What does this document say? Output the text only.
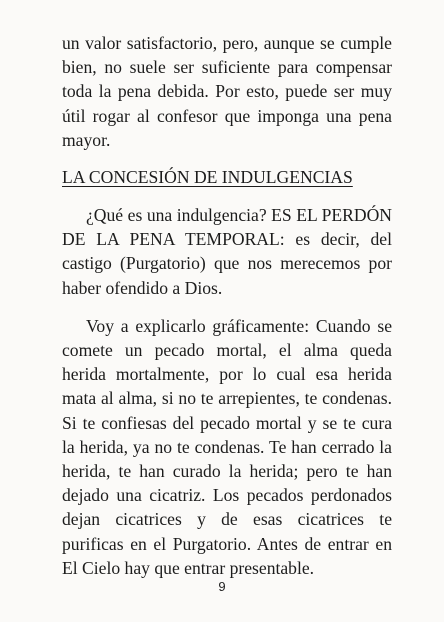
un valor satisfactorio, pero, aunque se cumple bien, no suele ser suficiente para compensar toda la pena debida. Por esto, puede ser muy útil rogar al confesor que imponga una pena mayor.

LA CONCESIÓN DE INDULGENCIAS

¿Qué es una indulgencia? ES EL PERDÓN DE LA PENA TEMPORAL: es decir, del castigo (Purgatorio) que nos merecemos por haber ofendido a Dios.

Voy a explicarlo gráficamente: Cuando se comete un pecado mortal, el alma queda herida mortalmente, por lo cual esa herida mata al alma, si no te arrepientes, te condenas. Si te confiesas del pecado mortal y se te cura la herida, ya no te condenas. Te han cerrado la herida, te han curado la herida; pero te han dejado una cicatriz. Los pecados perdonados dejan cicatrices y de esas cicatrices te purificas en el Purgatorio. Antes de entrar en El Cielo hay que entrar presentable.

9
